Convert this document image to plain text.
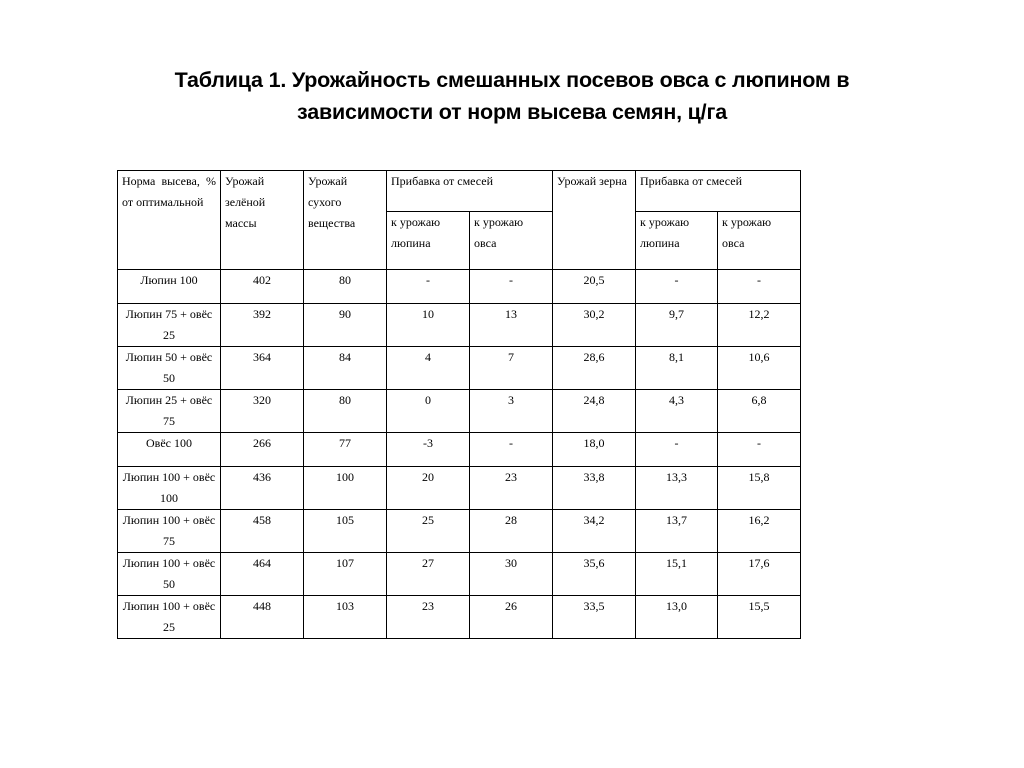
Таблица 1. Урожайность смешанных посевов овса с люпином в
зависимости от норм высева семян, ц/га
Норма высева, % от оптимальной	Урожай зелёной массы	Урожай сухого вещества	Прибавка от смесей		Урожай зерна	Прибавка от смесей	
			к урожаю люпина	к урожаю овса		к урожаю люпина	к урожаю овса
Люпин 100	402	80	-	-	20,5	-	-
Люпин 75 + овёс 25	392	90	10	13	30,2	9,7	12,2
Люпин 50 + овёс 50	364	84	4	7	28,6	8,1	10,6
Люпин 25 + овёс 75	320	80	0	3	24,8	4,3	6,8
Овёс 100	266	77	-3	-	18,0	-	-
Люпин 100 + овёс 100	436	100	20	23	33,8	13,3	15,8
Люпин 100 + овёс 75	458	105	25	28	34,2	13,7	16,2
Люпин 100 + овёс 50	464	107	27	30	35,6	15,1	17,6
Люпин 100 + овёс 25	448	103	23	26	33,5	13,0	15,5
